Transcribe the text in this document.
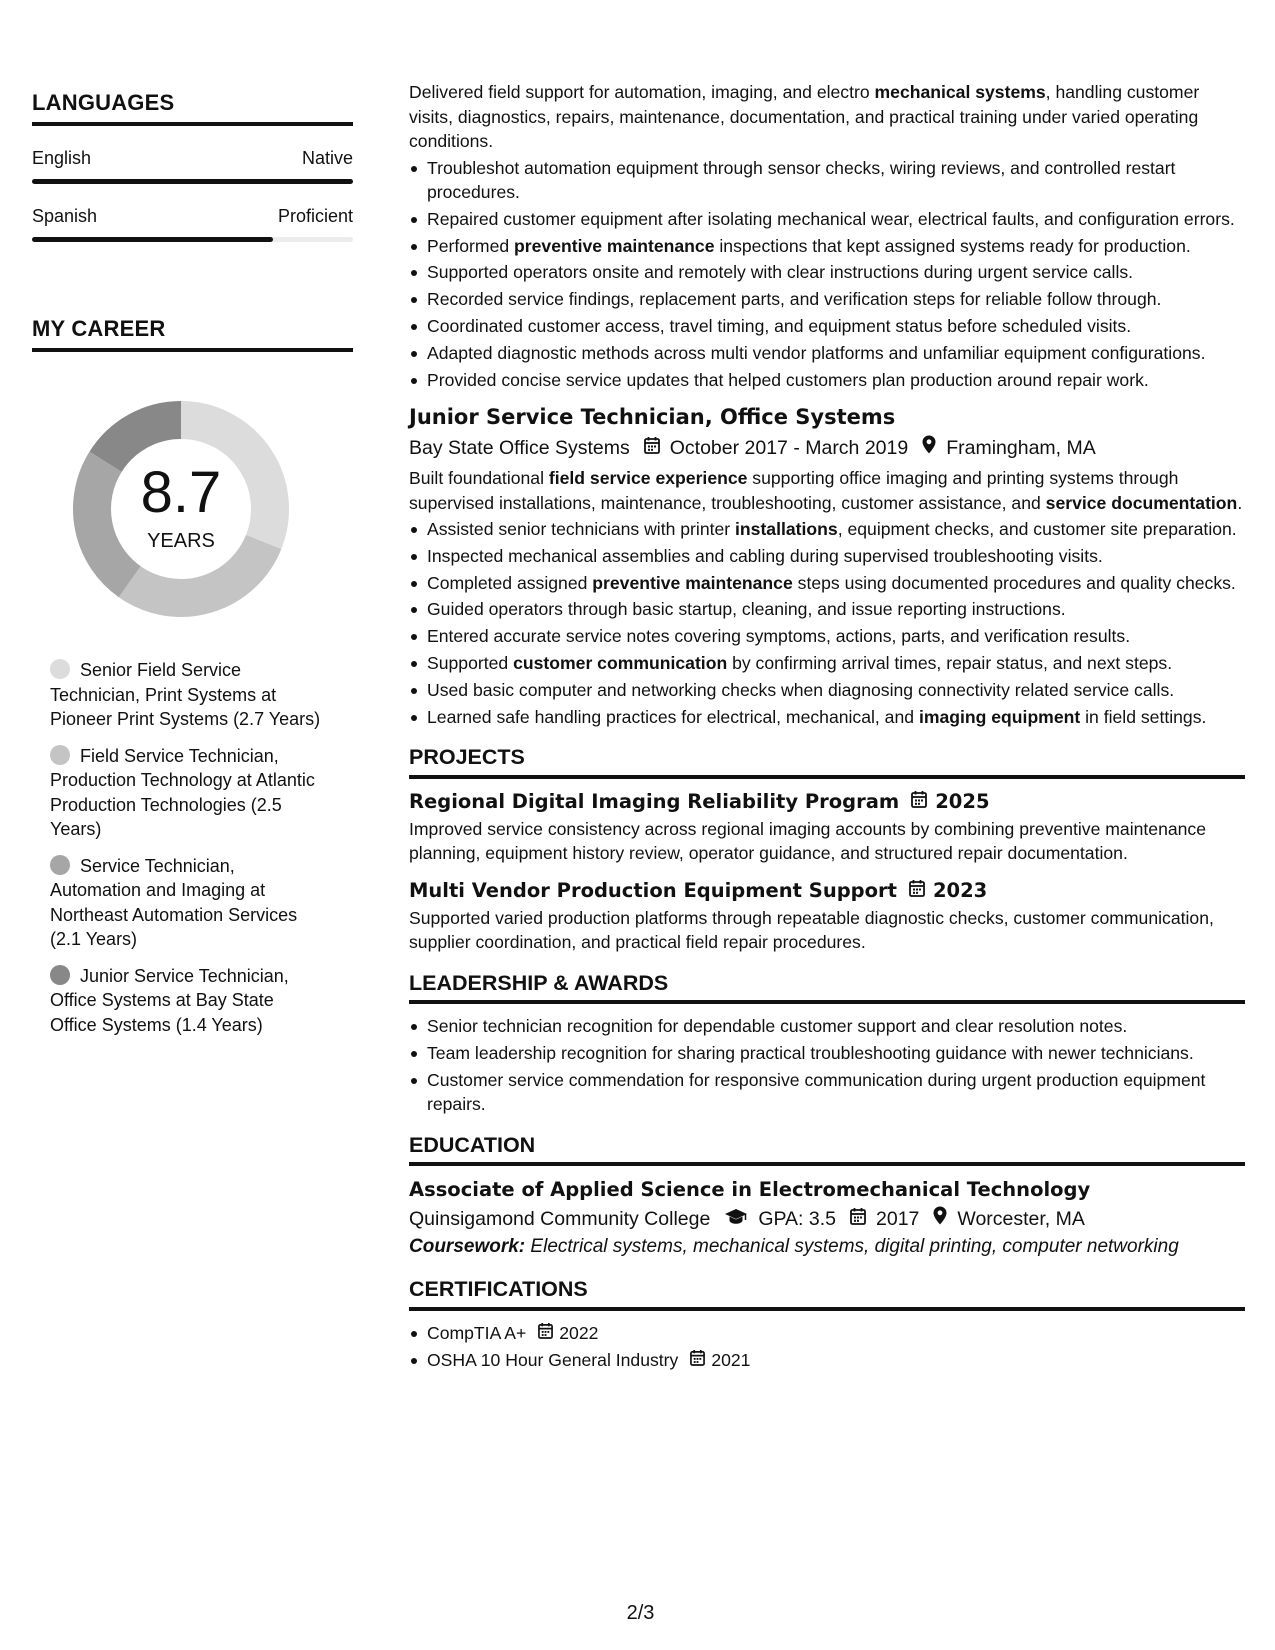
LANGUAGES
English	Native
Spanish	Proficient
MY CAREER
8.7
YEARS
Senior Field Service Technician, Print Systems at Pioneer Print Systems (2.7 Years)
Field Service Technician, Production Technology at Atlantic Production Technologies (2.5 Years)
Service Technician, Automation and Imaging at Northeast Automation Services (2.1 Years)
Junior Service Technician, Office Systems at Bay State Office Systems (1.4 Years)
Delivered field support for automation, imaging, and electro mechanical systems, handling customer visits, diagnostics, repairs, maintenance, documentation, and practical training under varied operating conditions.
Troubleshot automation equipment through sensor checks, wiring reviews, and controlled restart procedures.
Repaired customer equipment after isolating mechanical wear, electrical faults, and configuration errors.
Performed preventive maintenance inspections that kept assigned systems ready for production.
Supported operators onsite and remotely with clear instructions during urgent service calls.
Recorded service findings, replacement parts, and verification steps for reliable follow through.
Coordinated customer access, travel timing, and equipment status before scheduled visits.
Adapted diagnostic methods across multi vendor platforms and unfamiliar equipment configurations.
Provided concise service updates that helped customers plan production around repair work.
Junior Service Technician, Office Systems
Bay State Office Systems October 2017 - March 2019 Framingham, MA
Built foundational field service experience supporting office imaging and printing systems through supervised installations, maintenance, troubleshooting, customer assistance, and service documentation.
Assisted senior technicians with printer installations, equipment checks, and customer site preparation.
Inspected mechanical assemblies and cabling during supervised troubleshooting visits.
Completed assigned preventive maintenance steps using documented procedures and quality checks.
Guided operators through basic startup, cleaning, and issue reporting instructions.
Entered accurate service notes covering symptoms, actions, parts, and verification results.
Supported customer communication by confirming arrival times, repair status, and next steps.
Used basic computer and networking checks when diagnosing connectivity related service calls.
Learned safe handling practices for electrical, mechanical, and imaging equipment in field settings.
PROJECTS
Regional Digital Imaging Reliability Program 2025
Improved service consistency across regional imaging accounts by combining preventive maintenance planning, equipment history review, operator guidance, and structured repair documentation.
Multi Vendor Production Equipment Support 2023
Supported varied production platforms through repeatable diagnostic checks, customer communication, supplier coordination, and practical field repair procedures.
LEADERSHIP & AWARDS
Senior technician recognition for dependable customer support and clear resolution notes.
Team leadership recognition for sharing practical troubleshooting guidance with newer technicians.
Customer service commendation for responsive communication during urgent production equipment repairs.
EDUCATION
Associate of Applied Science in Electromechanical Technology
Quinsigamond Community College GPA: 3.5 2017 Worcester, MA
Coursework: Electrical systems, mechanical systems, digital printing, computer networking
CERTIFICATIONS
CompTIA A+ 2022
OSHA 10 Hour General Industry 2021
2/3
